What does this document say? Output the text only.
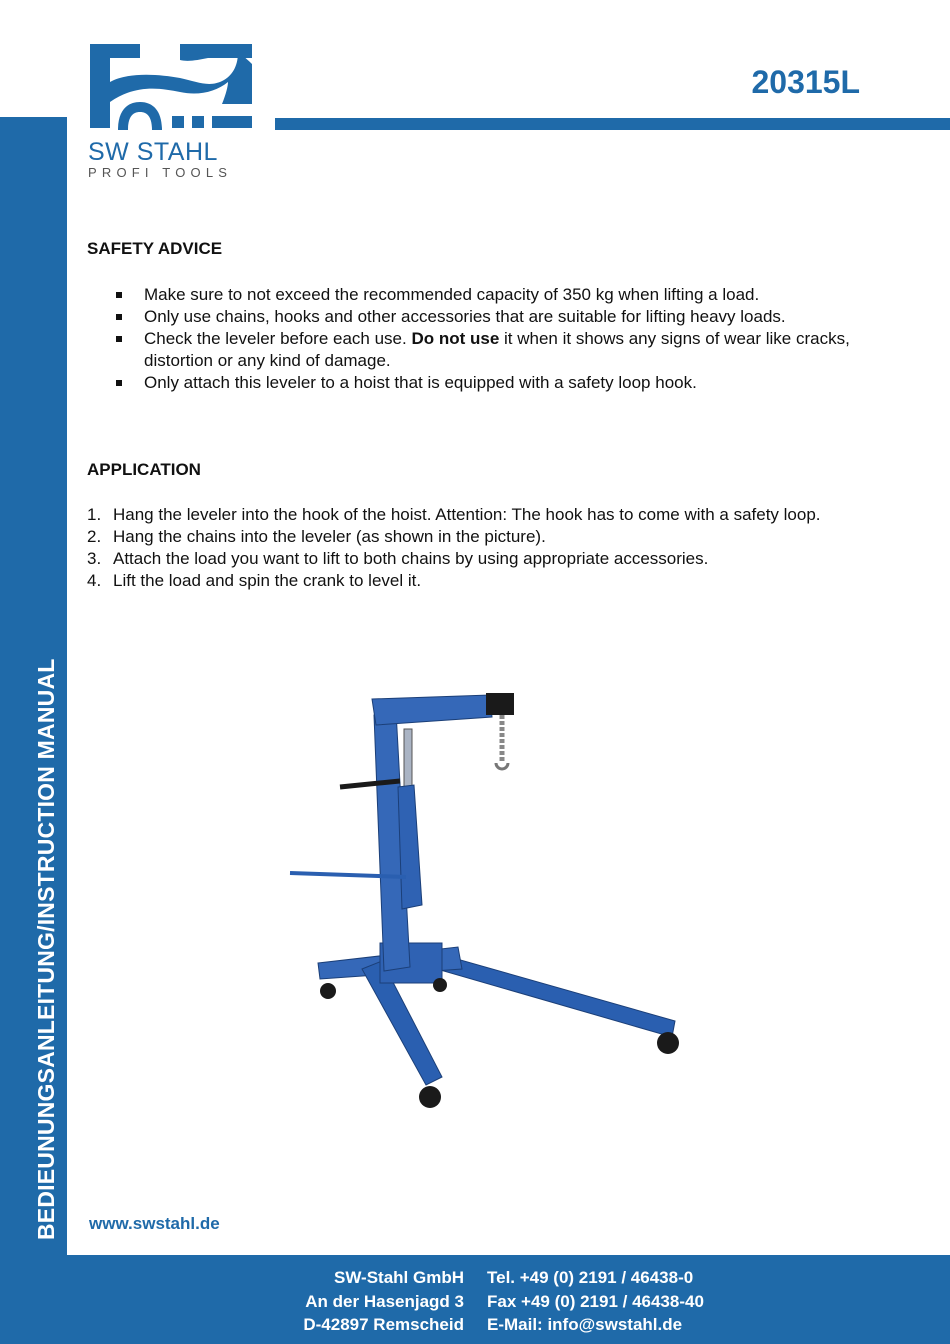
BEDIEUNUNGSANLEITUNG/INSTRUCTION MANUAL
20315L
SW STAHL
PROFI TOOLS
SAFETY ADVICE
Make sure to not exceed the recommended capacity of 350 kg when lifting a load.
Only use chains, hooks and other accessories that are suitable for lifting heavy loads.
Check the leveler before each use. Do not use it when it shows any signs of wear like cracks, distortion or any kind of damage.
Only attach this leveler to a hoist that is equipped with a safety loop hook.
APPLICATION
1. Hang the leveler into the hook of the hoist. Attention: The hook has to come with a safety loop.
2. Hang the chains into the leveler (as shown in the picture).
3. Attach the load you want to lift to both chains by using appropriate accessories.
4. Lift the load and spin the crank to level it.
www.swstahl.de
SW-Stahl GmbH
An der Hasenjagd 3
D-42897 Remscheid
Tel. +49 (0) 2191 / 46438-0
Fax +49 (0) 2191 / 46438-40
E-Mail: info@swstahl.de
